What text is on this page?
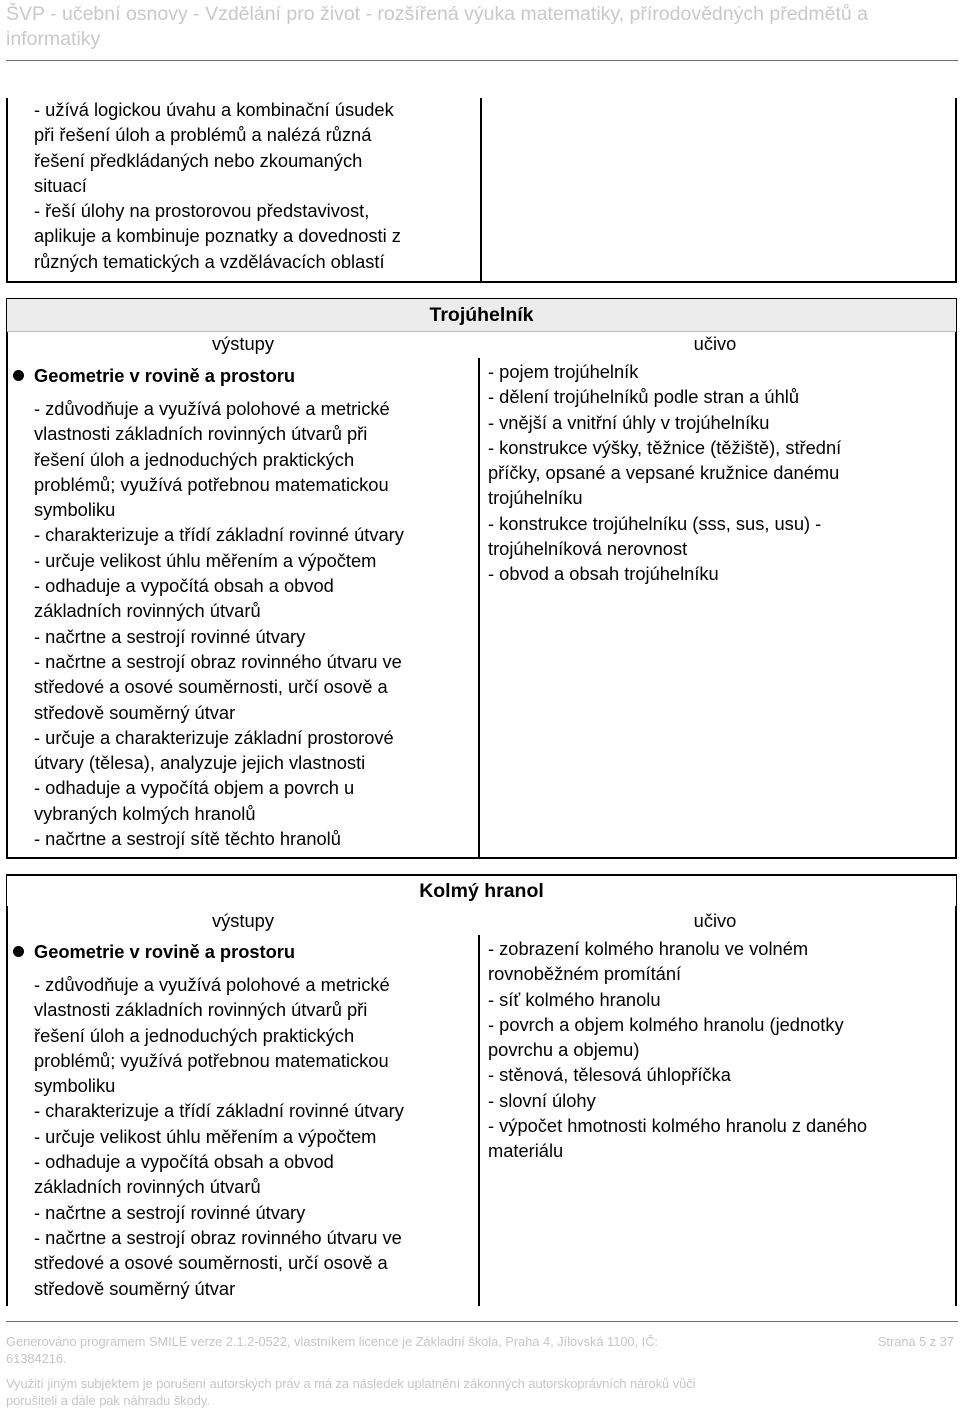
ŠVP - učební osnovy - Vzdělání pro život - rozšířená výuka matematiky, přírodovědných předmětů a informatiky
- užívá logickou úvahu a kombinační úsudek
při řešení úloh a problémů a nalézá různá
řešení předkládaných nebo zkoumaných
situací
- řeší úlohy na prostorovou představivost,
aplikuje a kombinuje poznatky a dovednosti z
různých tematických a vzdělávacích oblastí
Trojúhelník
výstupy	učivo
Geometrie v rovině a prostoru
- zdůvodňuje a využívá polohové a metrické
vlastnosti základních rovinných útvarů při
řešení úloh a jednoduchých praktických
problémů; využívá potřebnou matematickou
symboliku
- charakterizuje a třídí základní rovinné útvary
- určuje velikost úhlu měřením a výpočtem
- odhaduje a vypočítá obsah a obvod
základních rovinných útvarů
- načrtne a sestrojí rovinné útvary
- načrtne a sestrojí obraz rovinného útvaru ve
středové a osové souměrnosti, určí osově a
středově souměrný útvar
- určuje a charakterizuje základní prostorové
útvary (tělesa), analyzuje jejich vlastnosti
- odhaduje a vypočítá objem a povrch u
vybraných kolmých hranolů
- načrtne a sestrojí sítě těchto hranolů
- pojem trojúhelník
- dělení trojúhelníků podle stran a úhlů
- vnější a vnitřní úhly v trojúhelníku
- konstrukce výšky, těžnice (těžiště), střední
příčky, opsané a vepsané kružnice danému
trojúhelníku
- konstrukce trojúhelníku (sss, sus, usu) -
trojúhelníková nerovnost
- obvod a obsah trojúhelníku
Kolmý hranol
výstupy	učivo
Geometrie v rovině a prostoru
- zdůvodňuje a využívá polohové a metrické
vlastnosti základních rovinných útvarů při
řešení úloh a jednoduchých praktických
problémů; využívá potřebnou matematickou
symboliku
- charakterizuje a třídí základní rovinné útvary
- určuje velikost úhlu měřením a výpočtem
- odhaduje a vypočítá obsah a obvod
základních rovinných útvarů
- načrtne a sestrojí rovinné útvary
- načrtne a sestrojí obraz rovinného útvaru ve
středové a osové souměrnosti, určí osově a
středově souměrný útvar
- zobrazení kolmého hranolu ve volném
rovnoběžném promítání
- síť kolmého hranolu
- povrch a objem kolmého hranolu (jednotky
povrchu a objemu)
- stěnová, tělesová úhlopříčka
- slovní úlohy
- výpočet hmotnosti kolmého hranolu z daného
materiálu
Generováno programem SMILE verze 2.1.2-0522, vlastníkem licence je Základní škola, Praha 4, Jílovská 1100, IČ:
61384216.
Strana 5 z 37
Využití jiným subjektem je porušení autorských práv a má za následek uplatnění zákonných autorskoprávních nároků vůči
porušiteli a dále pak náhradu škody.
